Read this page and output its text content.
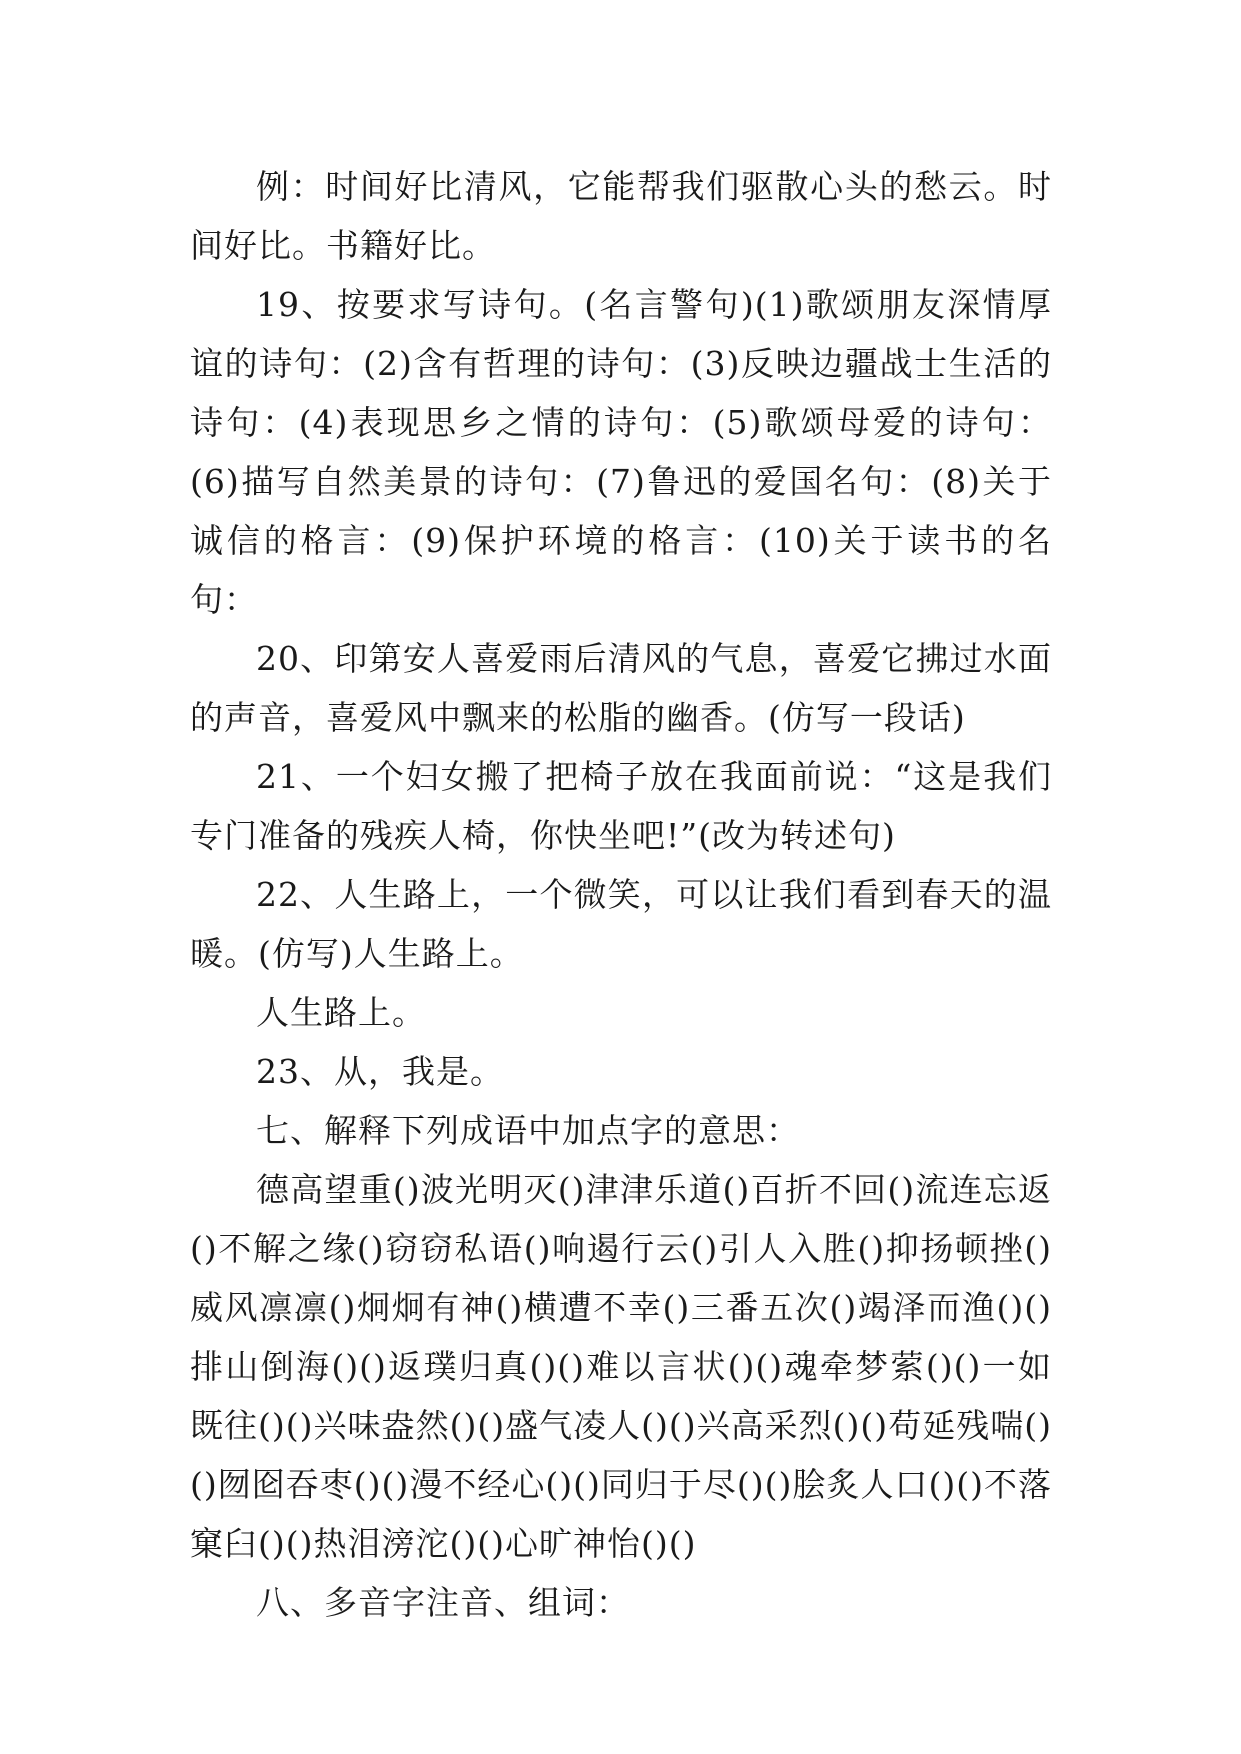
例：时间好比清风，它能帮我们驱散心头的愁云。时间好比。书籍好比。

19、按要求写诗句。(名言警句)(1)歌颂朋友深情厚谊的诗句：(2)含有哲理的诗句：(3)反映边疆战士生活的诗句：(4)表现思乡之情的诗句：(5)歌颂母爱的诗句：(6)描写自然美景的诗句：(7)鲁迅的爱国名句：(8)关于诚信的格言：(9)保护环境的格言：(10)关于读书的名句：

20、印第安人喜爱雨后清风的气息，喜爱它拂过水面的声音，喜爱风中飘来的松脂的幽香。(仿写一段话)

21、一个妇女搬了把椅子放在我面前说：“这是我们专门准备的残疾人椅，你快坐吧!”(改为转述句)

22、人生路上，一个微笑，可以让我们看到春天的温暖。(仿写)人生路上。

人生路上。

23、从，我是。

七、解释下列成语中加点字的意思：

德高望重()波光明灭()津津乐道()百折不回()流连忘返()不解之缘()窃窃私语()响遏行云()引人入胜()抑扬顿挫()威风凛凛()炯炯有神()横遭不幸()三番五次()竭泽而渔()()排山倒海()()返璞归真()()难以言状()()魂牵梦萦()()一如既往()()兴味盎然()()盛气凌人()()兴高采烈()()苟延残喘()()囫囵吞枣()()漫不经心()()同归于尽()()脍炙人口()()不落窠臼()()热泪滂沱()()心旷神怡()()

八、多音字注音、组词：
